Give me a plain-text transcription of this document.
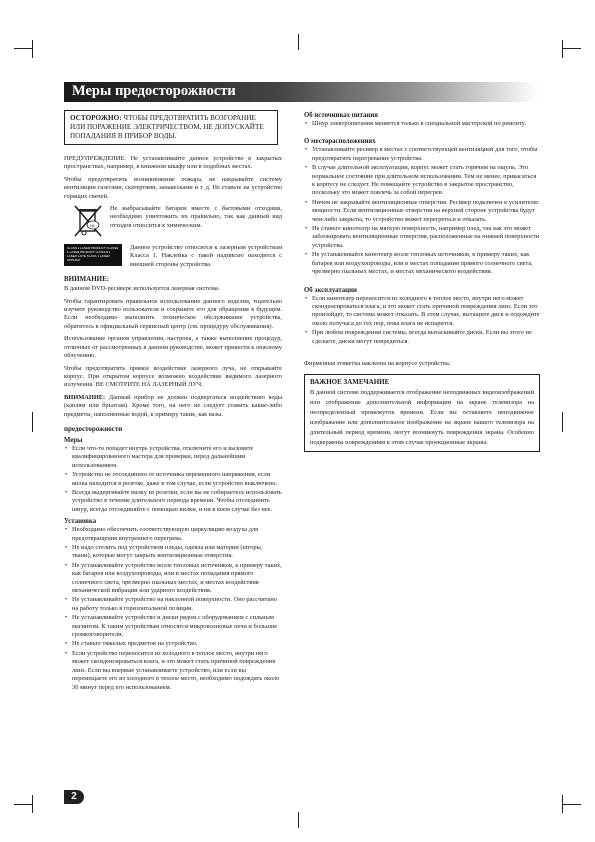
Меры предосторожности
ОСТОРОЖНО: ЧТОБЫ ПРЕДОТВРАТИТЬ ВОЗГОРАНИЕ ИЛИ ПОРАЖЕНИЕ ЭЛЕКТРИЧЕСТВОМ, НЕ ДОПУСКАЙТЕ ПОПАДАНИЯ В ПРИБОР ВОДЫ.

ПРЕДУПРЕЖДЕНИЕ: Не устанавливайте данное устройство в закрытых пространствах, например, в книжном шкафу или в подобных местах.

Чтобы предотвратить возникновение пожара, не накрывайте систему вентиляции газетами, скатертями, занавесками и т. д. Не ставьте на устройство горящих свечей.

NL

Не выбрасывайте батареи вместе с бытовыми отходами, необходимо уничтожить их правильно, так как данный вид отходов относится к химическим.

CLASS 1 LASER PRODUCT KLASSE 1 LASER PRODUKT LUOKAN 1 LASER LAITE KLASS 1 LASER APPARAT

Данное устройство относится к лазерным устройствам Класса 1. Наклейка с такой надписью находится с внешней стороны устройства.

ВНИМАНИЕ:

В данном DVD-ресивере используется лазерная система.

Чтобы гарантировать правильное использование данного изделия, тщательно изучите руководство пользователя и сохраните его для обращения в будущем. Если необходимо выполнить техническое обслуживание устройства, обратитесь в официальный сервисный центр (см. процедуру обслуживания).

Использование органов управления, настроек, а также выполнение процедур, отличных от рассмотренных в данном руководстве, может привести к опасному облучению.

Чтобы предотвратить прямое воздействие лазерного луча, не открывайте корпус. При открытом корпусе возможно воздействие видимого лазерного излучения. НЕ СМОТРИТЕ НА ЛАЗЕРНЫЙ ЛУЧ.

ВНИМАНИЕ: Данный прибор не должен подвергаться воздействию воды (каплям или брызгам). Кроме того, на него не следует ставить какие-либо предметы, наполненные водой, к примеру такие, как вазы.

предосторожности
Меры
• Если что-то попадет внутрь устройства, отключите его и вызовите квалифицированного мастера для проверки, перед дальнейшим использованием.
• Устройство не отсоединено от источника переменного напряжения, если вилка находится в розетке, даже в том случае, если устройство выключено.
• Всегда выдергивайте вилку из розетки, если вы не собираетесь использовать устройство в течение длительного периода времени. Чтобы отсоединить шнур, всегда отсоединяйте с помощью вилки, и ни в коем случае без нее.
Установка
• Необходимо обеспечить соответствующую циркуляцию воздуха для предотвращения внутреннего перегрева.
• Не надо стелить под устройством пледы, одеяла или материи (шторы, ткани), которые могут закрыть вентиляционные отверстия.
• Не устанавливайте устройство возле тепловых источников, к примеру таких, как батарея или воздухопроводы, или в местах попадания прямого солнечного света, чрезмерно пыльных местах, и местах воздействия механической вибрации или ударного воздействия.
• Не устанавливайте устройство на наклонной поверхности. Оно рассчитано на работу только в горизонтальной позиции.
• Не устанавливайте устройство и диски рядом с оборудованием с сильным магнитом. К таким устройствам относятся микроволновые печи и большие громкоговорители.
• Не ставьте тяжелых предметов на устройство.
• Если устройство переносится из холодного в теплое место, внутри него может сконденсироваться влага, и это может стать причиной повреждения линз. Если вы впервые устанавливаете устройство, или если вы перемещаете его из холодного в теплое место, необходимо подождать около 30 минут перед его использованием.
Об источниках питания
• Шнур электропитания меняется только в специальной мастерской по ремонту.
О месторасположениях
• Устанавливайте ресивер в местах с соответствующей вентиляцией для того, чтобы предотвратить перегревание устройства.
• В случае длительной эксплуатации, корпус может стать горячим на ощупь. Это нормальное состояние при длительном использовании. Тем не менее, прикасаться к корпусу не следует. Не помещайте устройство в закрытое пространство, поскольку это может повлечь за собой перегрев.
• Ничем не закрывайте вентиляционные отверстия. Ресивер подключен к усилителю мощности. Если вентиляционные отверстия на верхней стороне устройства будут чем-либо закрыты, то устройство может перегреться и отказать.
• Не ставьте кинотеатр на мягкую поверхность, например плед, так как это может заблокировать вентиляционные отверстия, расположенные на нижней поверхности устройства.
• Не устанавливайте кинотеатр возле тепловых источников, к примеру таких, как батарея или воздухопроводы, или в местах попадания прямого солнечного света, чрезмерно пыльных местах, и местах механического воздействия.
Об эксплуатации
• Если кинотеатр переносится из холодного в теплое место, внутри него может сконденсироваться влага, и это может стать причиной повреждения линз. Если это произойдет, то система может отказать. В этом случае, вытащите диск и подождите около получаса до тех пор, пока влага не испарится.
• При любом повреждении системы, всегда вытаскивайте диски. Если вы этого не сделаете, диски могут повредиться.

Фирменная этикетка наклеена на корпусе устройства.

ВАЖНОЕ ЗАМЕЧАНИЕ

В данной системе поддерживается отображение неподвижных видеоизображений или отображение дополнительной информации на экране телевизора на неопределенный промежуток времени. Если вы оставляете неподвижное изображение или дополнительное изображение на экране вашего телевизора на длительный период времени, могут возникнуть повреждения экрана. Особенно подвержены повреждениям в этом случае проекционные экраны.

2
